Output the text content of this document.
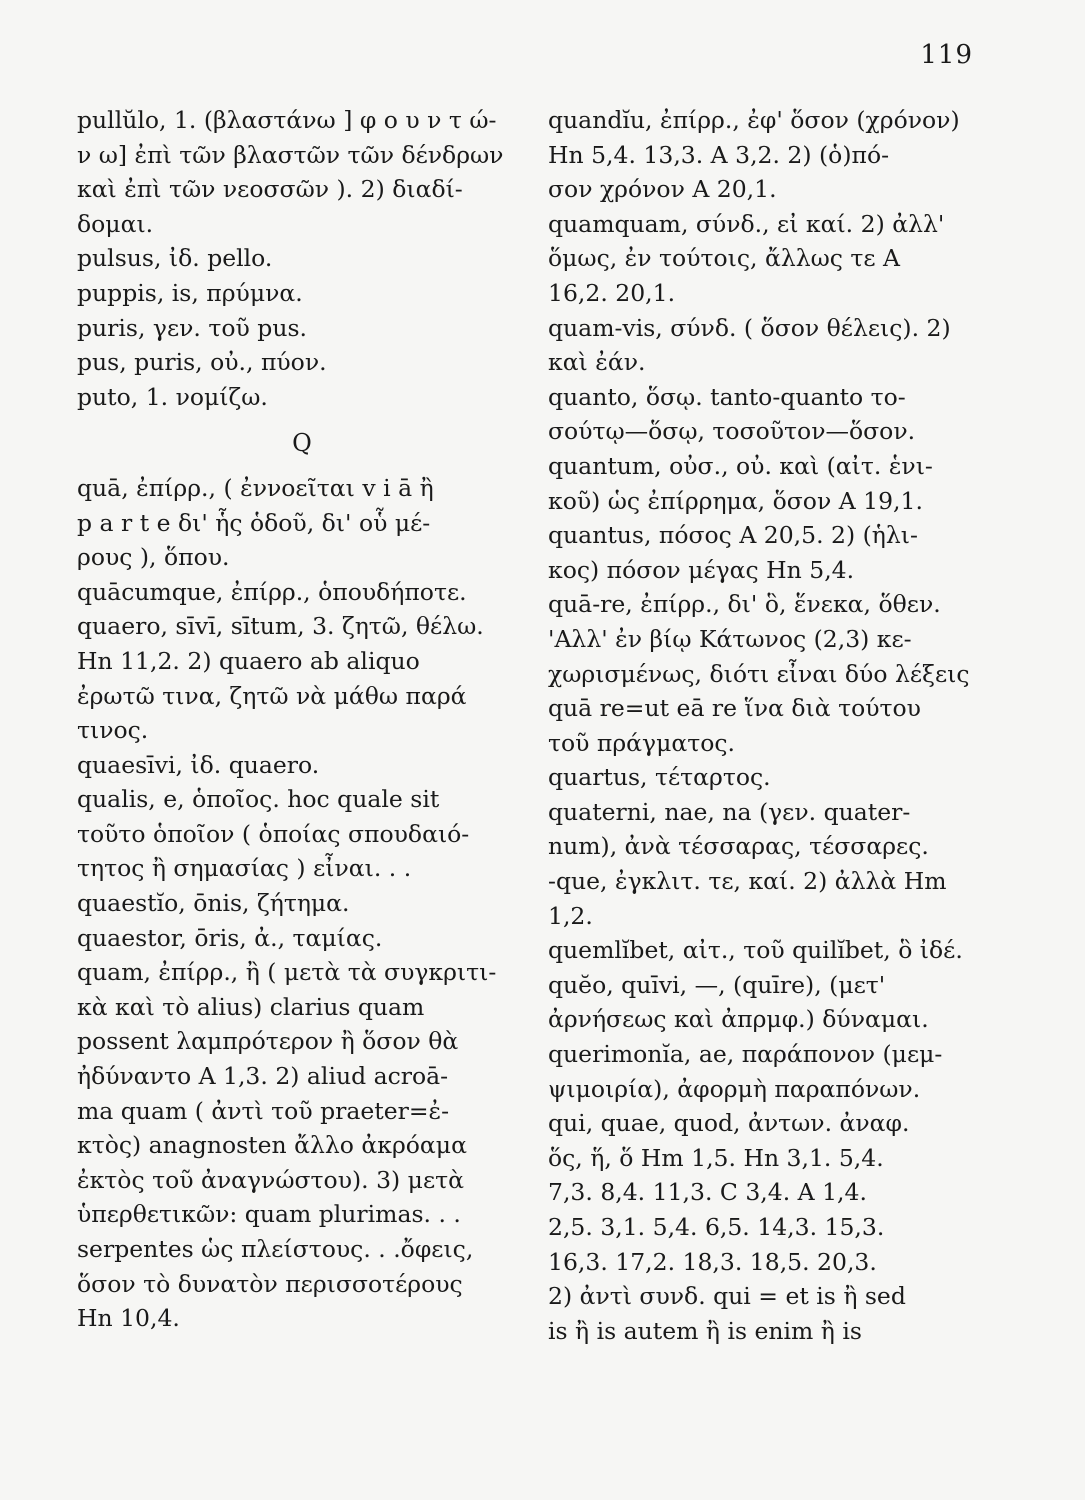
119
pullŭlo, 1. (βλαστάνω ] φ ο υ ν τ ώ-
ν ω] ἐπὶ τῶν βλαστῶν τῶν δένδρων
καὶ ἐπὶ τῶν νεοσσῶν ). 2) διαδί-
δομαι.
pulsus, ἰδ. pello.
puppis, is, πρύμνα.
puris, γεν. τοῦ pus.
pus, puris, οὐ., πύον.
puto, 1. νομίζω.
Q
quā, ἐπίρρ., ( ἐννοεῖται v i ā ἢ
p a r t e δι' ἧς ὁδοῦ, δι' οὗ μέ-
ρους ), ὅπου.
quācumque, ἐπίρρ., ὁπουδήποτε.
quaero, sīvī, sītum, 3. ζητῶ, θέλω.
Hn 11,2. 2) quaero ab aliquo
ἐρωτῶ τινα, ζητῶ νὰ μάθω παρά
τινος.
quaesīvi, ἰδ. quaero.
qualis, e, ὁποῖος. hoc quale sit
τοῦτο ὁποῖον ( ὁποίας σπουδαιό-
τητος ἢ σημασίας ) εἶναι. . .
quaestĭo, ōnis, ζήτημα.
quaestor, ōris, ἀ., ταμίας.
quam, ἐπίρρ., ἢ ( μετὰ τὰ συγκριτι-
κὰ καὶ τὸ alius) clarius quam
possent λαμπρότερον ἢ ὅσον θὰ
ἠδύναντο A 1,3. 2) aliud acroā-
ma quam ( ἀντὶ τοῦ praeter=ἐ-
κτὸς) anagnosten ἄλλο ἀκρόαμα
ἐκτὸς τοῦ ἀναγνώστου). 3) μετὰ
ὑπερθετικῶν: quam plurimas. . .
serpentes ὡς πλείστους. . .ὄφεις,
ὅσον τὸ δυνατὸν περισσοτέρους
Hn 10,4.
quandĭu, ἐπίρρ., ἐφ' ὅσον (χρόνον)
Hn 5,4. 13,3. A 3,2. 2) (ὁ)πό-
σον χρόνον A 20,1.
quamquam, σύνδ., εἰ καί. 2) ἀλλ'
ὅμως, ἐν τούτοις, ἄλλως τε A
16,2. 20,1.
quam-vis, σύνδ. ( ὅσον θέλεις). 2)
καὶ ἐάν.
quanto, ὅσῳ. tanto-quanto το-
σούτῳ—ὅσῳ, τοσοῦτον—ὅσον.
quantum, οὐσ., οὐ. καὶ (αἰτ. ἑνι-
κοῦ) ὡς ἐπίρρημα, ὅσον A 19,1.
quantus, πόσος A 20,5. 2) (ἡλι-
κος) πόσον μέγας Hn 5,4.
quā-re, ἐπίρρ., δι' ὃ, ἕνεκα, ὅθεν.
'Αλλ' ἐν βίῳ Κάτωνος (2,3) κε-
χωρισμένως, διότι εἶναι δύο λέξεις
quā re=ut eā re ἵνα διὰ τούτου
τοῦ πράγματος.
quartus, τέταρτος.
quaterni, nae, na (γεν. quater-
num), ἀνὰ τέσσαρας, τέσσαρες.
-que, ἐγκλιτ. τε, καί. 2) ἀλλὰ Hm
1,2.
quemlĭbet, αἰτ., τοῦ quilĭbet, ὃ ἰδέ.
quĕo, quīvi, —, (quīre), (μετ'
ἀρνήσεως καὶ ἀπρμφ.) δύναμαι.
querimonĭa, ae, παράπονον (μεμ-
ψιμοιρία), ἀφορμὴ παραπόνων.
qui, quae, quod, ἀντων. ἀναφ.
ὅς, ἥ, ὅ Hm 1,5. Hn 3,1. 5,4.
7,3. 8,4. 11,3. C 3,4. A 1,4.
2,5. 3,1. 5,4. 6,5. 14,3. 15,3.
16,3. 17,2. 18,3. 18,5. 20,3.
2) ἀντὶ συνδ. qui = et is ἢ sed
is ἢ is autem ἢ is enim ἢ is
